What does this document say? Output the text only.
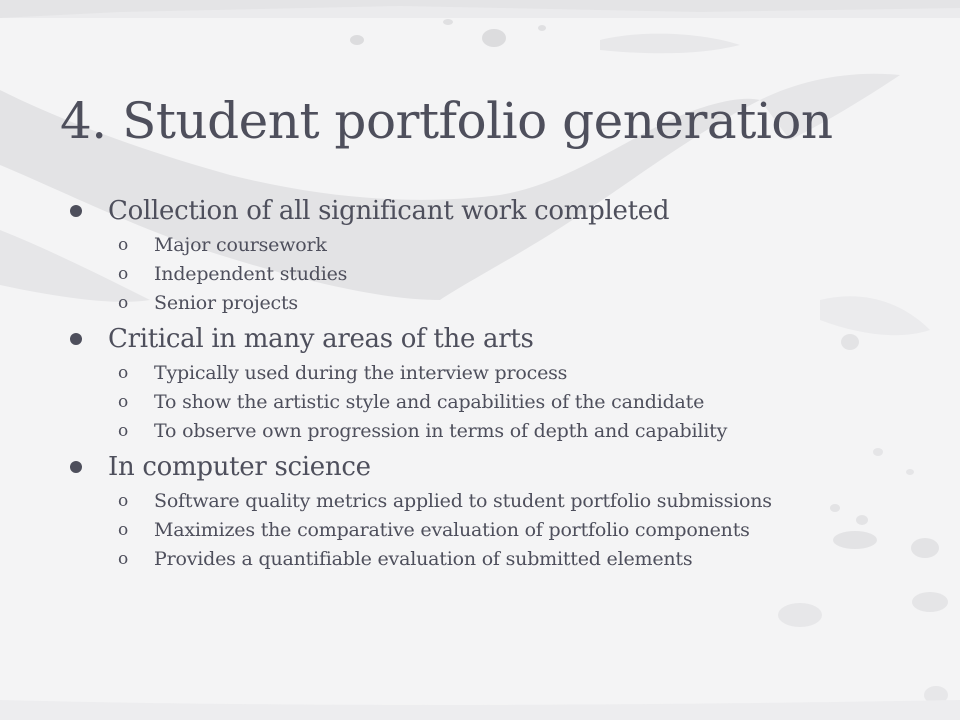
4. Student portfolio generation
Collection of all significant work completed
o	Major coursework
o	Independent studies
o	Senior projects
Critical in many areas of the arts
o	Typically used during the interview process
o	To show the artistic style and capabilities of the candidate
o	To observe own progression in terms of depth and capability
In computer science
o	Software quality metrics applied to student portfolio submissions
o	Maximizes the comparative evaluation of portfolio components
o	Provides a quantifiable evaluation of submitted elements
